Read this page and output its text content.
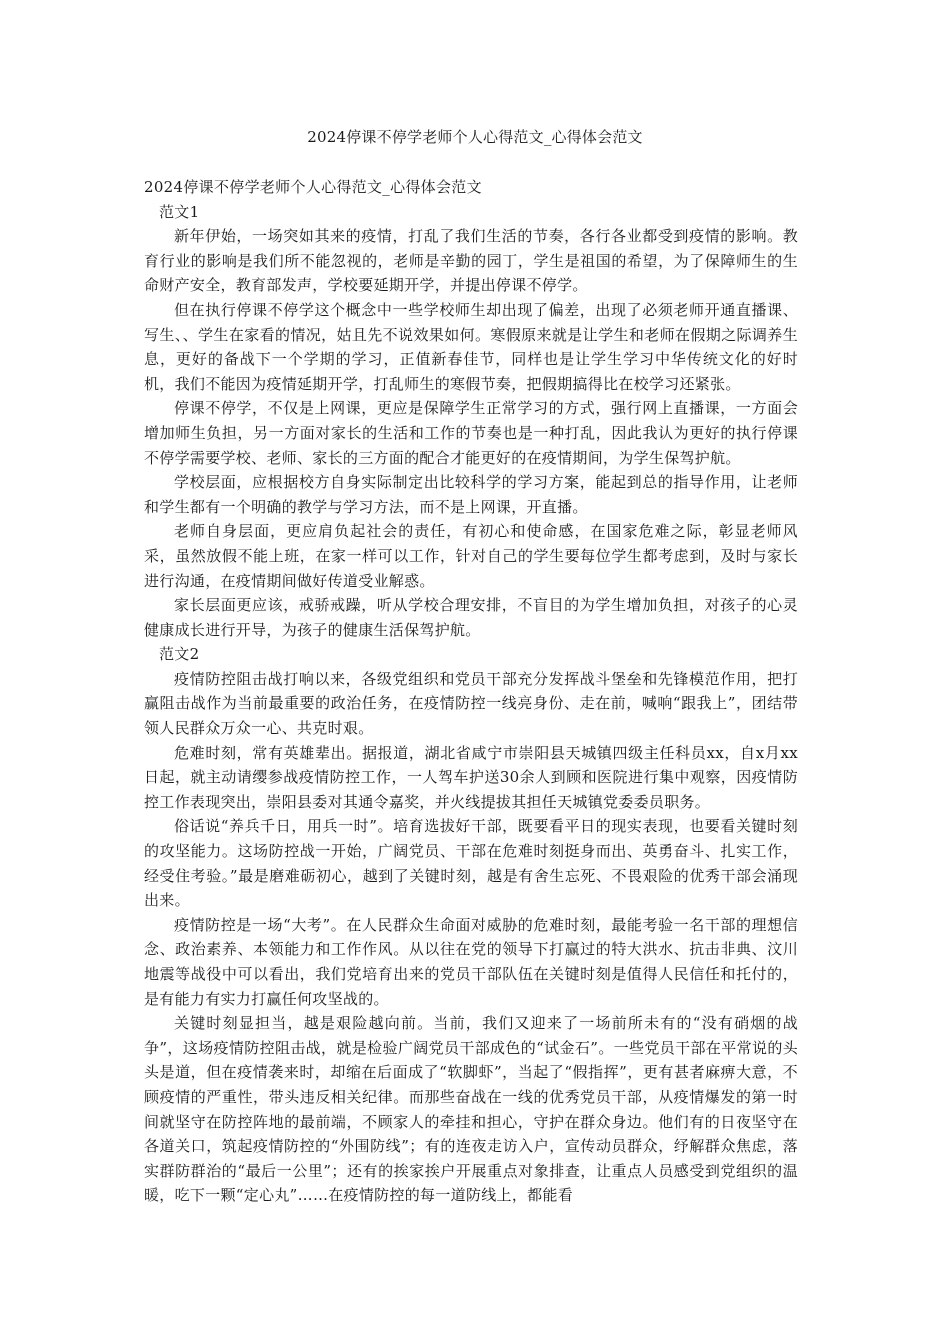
2024停课不停学老师个人心得范文_心得体会范文

2024停课不停学老师个人心得范文_心得体会范文

范文1

新年伊始，一场突如其来的疫情，打乱了我们生活的节奏，各行各业都受到疫情的影响。教育行业的影响是我们所不能忽视的，老师是辛勤的园丁，学生是祖国的希望，为了保障师生的生命财产安全，教育部发声，学校要延期开学，并提出停课不停学。

但在执行停课不停学这个概念中一些学校师生却出现了偏差，出现了必须老师开通直播课、写生、、学生在家看的情况，姑且先不说效果如何。寒假原来就是让学生和老师在假期之际调养生息，更好的备战下一个学期的学习，正值新春佳节，同样也是让学生学习中华传统文化的好时机，我们不能因为疫情延期开学，打乱师生的寒假节奏，把假期搞得比在校学习还紧张。

停课不停学，不仅是上网课，更应是保障学生正常学习的方式，强行网上直播课，一方面会增加师生负担，另一方面对家长的生活和工作的节奏也是一种打乱，因此我认为更好的执行停课不停学需要学校、老师、家长的三方面的配合才能更好的在疫情期间，为学生保驾护航。

学校层面，应根据校方自身实际制定出比较科学的学习方案，能起到总的指导作用，让老师和学生都有一个明确的教学与学习方法，而不是上网课，开直播。

老师自身层面，更应肩负起社会的责任，有初心和使命感，在国家危难之际，彰显老师风采，虽然放假不能上班，在家一样可以工作，针对自己的学生要每位学生都考虑到，及时与家长进行沟通，在疫情期间做好传道受业解惑。

家长层面更应该，戒骄戒躁，听从学校合理安排，不盲目的为学生增加负担，对孩子的心灵健康成长进行开导，为孩子的健康生活保驾护航。

范文2

疫情防控阻击战打响以来，各级党组织和党员干部充分发挥战斗堡垒和先锋模范作用，把打赢阻击战作为当前最重要的政治任务，在疫情防控一线亮身份、走在前，喊响“跟我上”，团结带领人民群众万众一心、共克时艰。

危难时刻，常有英雄辈出。据报道，湖北省咸宁市崇阳县天城镇四级主任科员xx，自x月xx日起，就主动请缨参战疫情防控工作，一人驾车护送30余人到顾和医院进行集中观察，因疫情防控工作表现突出，崇阳县委对其通令嘉奖，并火线提拔其担任天城镇党委委员职务。

俗话说“养兵千日，用兵一时”。培育选拔好干部，既要看平日的现实表现，也要看关键时刻的攻坚能力。这场防控战一开始，广阔党员、干部在危难时刻挺身而出、英勇奋斗、扎实工作，经受住考验。”最是磨难砺初心，越到了关键时刻，越是有舍生忘死、不畏艰险的优秀干部会涌现出来。

疫情防控是一场“大考”。在人民群众生命面对威胁的危难时刻，最能考验一名干部的理想信念、政治素养、本领能力和工作作风。从以往在党的领导下打赢过的特大洪水、抗击非典、汶川地震等战役中可以看出，我们党培育出来的党员干部队伍在关键时刻是值得人民信任和托付的，是有能力有实力打赢任何攻坚战的。

关键时刻显担当，越是艰险越向前。当前，我们又迎来了一场前所未有的“没有硝烟的战争”，这场疫情防控阻击战，就是检验广阔党员干部成色的“试金石”。一些党员干部在平常说的头头是道，但在疫情袭来时，却缩在后面成了“软脚虾”，当起了“假指挥”，更有甚者麻痹大意，不顾疫情的严重性，带头违反相关纪律。而那些奋战在一线的优秀党员干部，从疫情爆发的第一时间就坚守在防控阵地的最前端，不顾家人的牵挂和担心，守护在群众身边。他们有的日夜坚守在各道关口，筑起疫情防控的“外围防线”；有的连夜走访入户，宣传动员群众，纾解群众焦虑，落实群防群治的“最后一公里”；还有的挨家挨户开展重点对象排查，让重点人员感受到党组织的温暖，吃下一颗“定心丸”……在疫情防控的每一道防线上，都能看
